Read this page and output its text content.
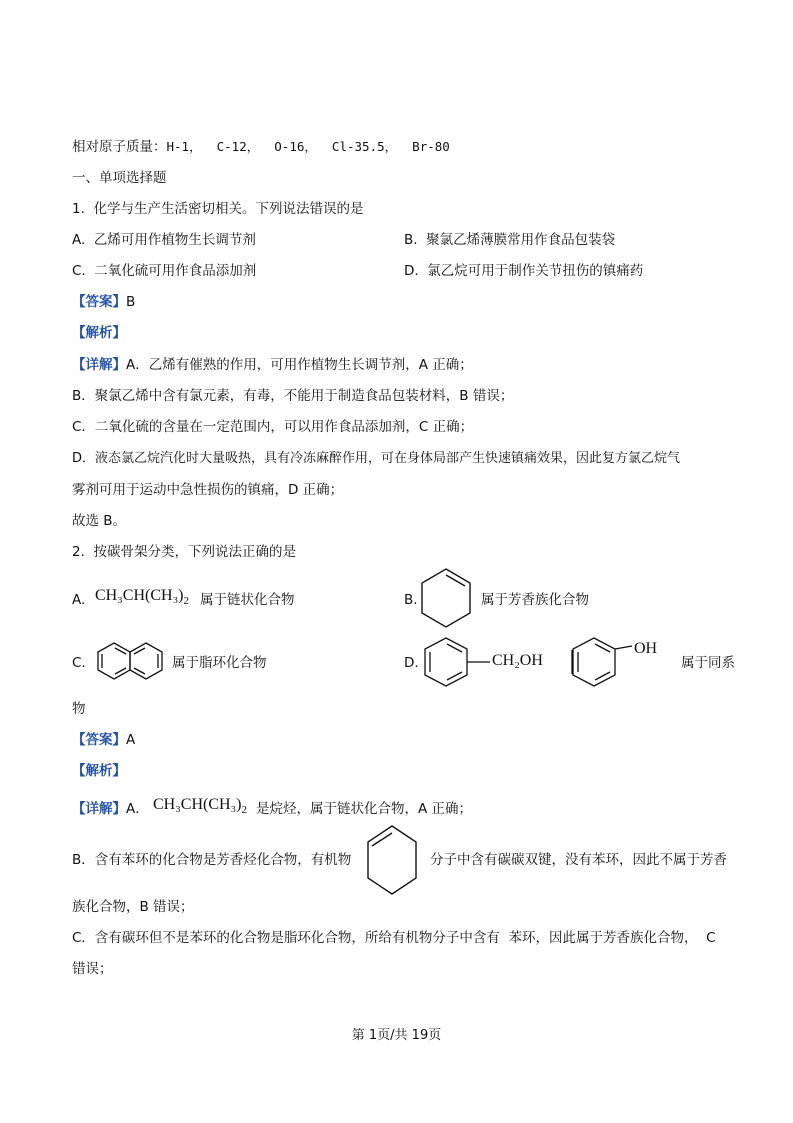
相对原子质量：H-1，  C-12，  O-16，  Cl-35.5，  Br-80
一、单项选择题
1.  化学与生产生活密切相关。下列说法错误的是
A.  乙烯可用作植物生长调节剂	B.  聚氯乙烯薄膜常用作食品包装袋
C.  二氧化硫可用作食品添加剂	D.  氯乙烷可用于制作关节扭伤的镇痛药
【答案】B
【解析】
【详解】A．乙烯有催熟的作用，可用作植物生长调节剂，A 正确；
B．聚氯乙烯中含有氯元素，有毒，不能用于制造食品包装材料，B 错误；
C．二氧化硫的含量在一定范围内，可以用作食品添加剂，C 正确；
D．液态氯乙烷汽化时大量吸热，具有冷冻麻醉作用，可在身体局部产生快速镇痛效果，因此复方氯乙烷气
雾剂可用于运动中急性损伤的镇痛，D 正确；
故选 B。
2.  按碳骨架分类，下列说法正确的是
A. $CH_3CH(CH_3)_2$ 属于链状化合物	B.	属于芳香族化合物
C.	属于脂环化合物	D.	CH₂OH
OH
属于同系
物
【答案】A
【解析】
【详解】A． $CH_3CH(CH_3)_2$ 是烷烃，属于链状化合物，A 正确；
B．含有苯环的化合物是芳香烃化合物，有机物	分子中含有碳碳双键，没有苯环，因此不属于芳香
族化合物，B 错误；
C．含有碳环但不是苯环的化合物是脂环化合物，所给有机物分子中含有  苯环，因此属于芳香族化合物，  C
错误；
第 1页/共 19页
